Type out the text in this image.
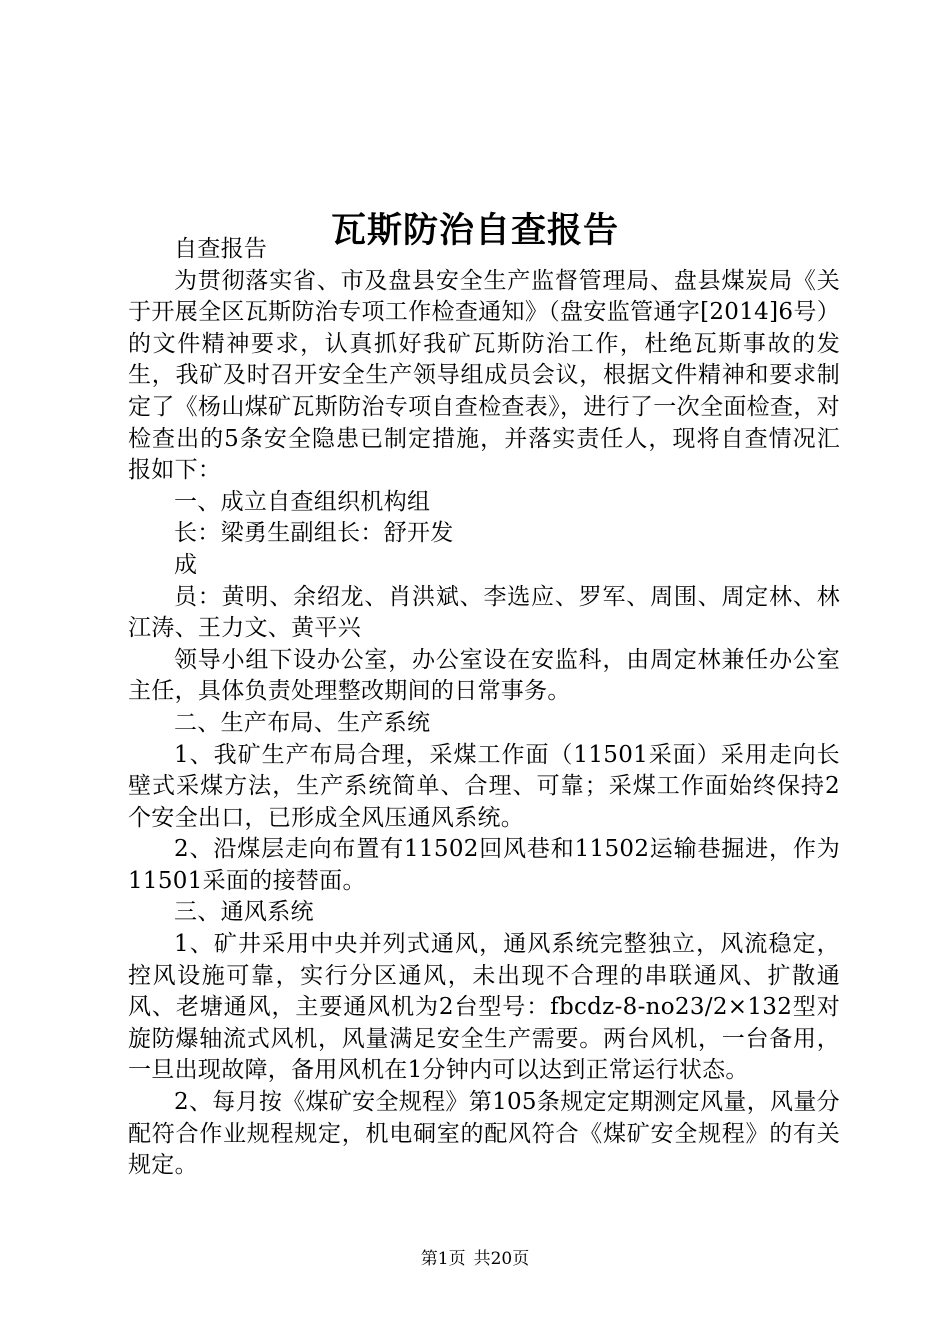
瓦斯防治自查报告

自查报告

为贯彻落实省、市及盘县安全生产监督管理局、盘县煤炭局《关于开展全区瓦斯防治专项工作检查通知》（盘安监管通字[2014]6号）的文件精神要求，认真抓好我矿瓦斯防治工作，杜绝瓦斯事故的发生，我矿及时召开安全生产领导组成员会议，根据文件精神和要求制定了《杨山煤矿瓦斯防治专项自查检查表》，进行了一次全面检查，对检查出的5条安全隐患已制定措施，并落实责任人，现将自查情况汇报如下：

一、成立自查组织机构组

长：梁勇生副组长：舒开发

成

员：黄明、余绍龙、肖洪斌、李选应、罗军、周围、周定林、林江涛、王力文、黄平兴

领导小组下设办公室，办公室设在安监科，由周定林兼任办公室主任，具体负责处理整改期间的日常事务。

二、生产布局、生产系统

1、我矿生产布局合理，采煤工作面（11501采面）采用走向长壁式采煤方法，生产系统简单、合理、可靠；采煤工作面始终保持2个安全出口，已形成全风压通风系统。

2、沿煤层走向布置有11502回风巷和11502运输巷掘进，作为11501采面的接替面。

三、通风系统

1、矿井采用中央并列式通风，通风系统完整独立，风流稳定，控风设施可靠，实行分区通风，未出现不合理的串联通风、扩散通风、老塘通风，主要通风机为2台型号：fbcdz-8-no23/2×132型对旋防爆轴流式风机，风量满足安全生产需要。两台风机，一台备用，一旦出现故障，备用风机在1分钟内可以达到正常运行状态。

2、每月按《煤矿安全规程》第105条规定定期测定风量，风量分配符合作业规程规定，机电硐室的配风符合《煤矿安全规程》的有关规定。

第1页 共20页
